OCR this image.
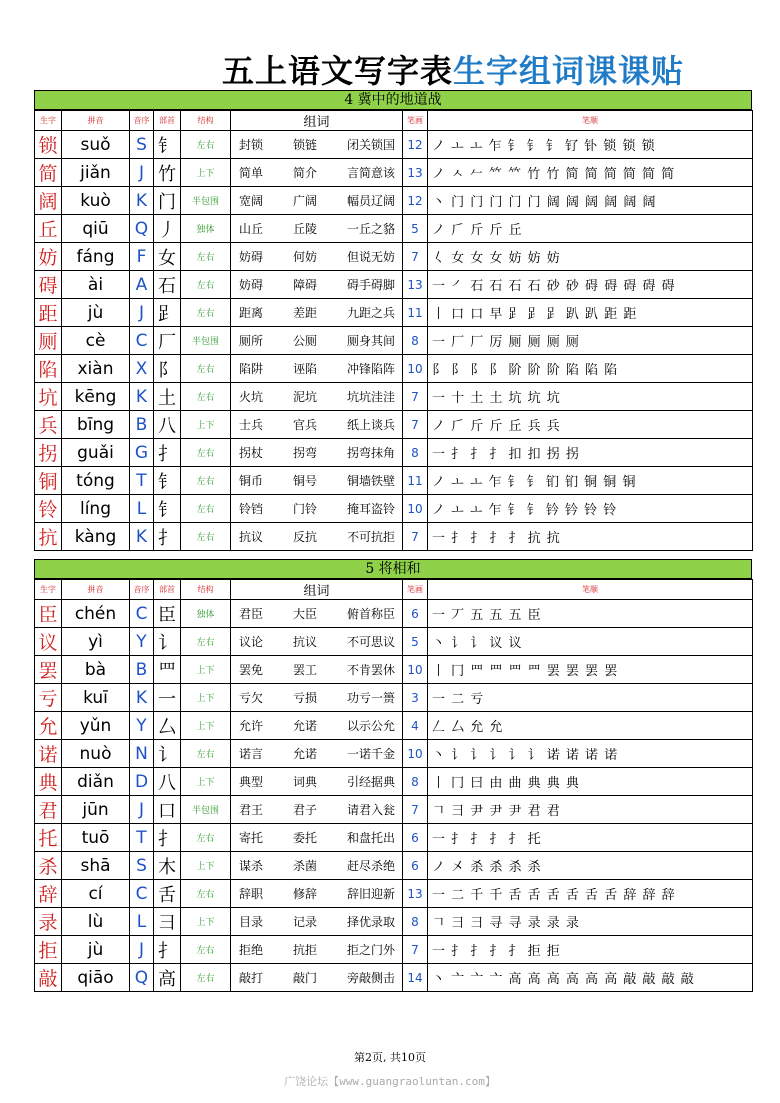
五上语文写字表生字组词课课贴
4 冀中的地道战
生字	拼音	音序	部首	结构	组词	笔画	笔顺
锁	suǒ	S	钅	左右	封锁 锁链 闭关锁国	12	ノ ㅗ ㅗ 乍 钅 钅 钅 钌 钋 锁 锁 锁
简	jiǎn	J	竹	上下	简单 简介 言简意该	13	ノ ㅅ 𠂉 𥫗 𥫗 竹 竹 简 简 简 简 简 简
阔	kuò	K	门	半包围	宽阔 广阔 幅员辽阔	12	丶 门 门 门 门 门 阔 阔 阔 阔 阔 阔
丘	qiū	Q	丿	独体	山丘 丘陵 一丘之貉	5	ノ 𠂆 斤 斤 丘
妨	fáng	F	女	左右	妨碍 何妨 但说无妨	7	𡿨 女 女 女 妨 妨 妨
碍	ài	A	石	左右	妨碍 障碍 碍手碍脚	13	一 ㇒ 石 石 石 石 砂 砂 碍 碍 碍 碍 碍
距	jù	J	𧾷	左右	距离 差距 九距之兵	11	丨 口 口 早 𧾷 𧾷 𧾷 趴 趴 距 距
厕	cè	C	厂	半包围	厕所 公厕 厕身其间	8	一 厂 厂 厉 厕 厕 厕 厕
陷	xiàn	X	阝	左右	陷阱 诬陷 冲锋陷阵	10	阝 阝 阝 阝 阶 阶 阶 陷 陷 陷
坑	kēng	K	土	左右	火坑 泥坑 坑坑洼洼	7	一 十 土 土 坑 坑 坑
兵	bīng	B	八	上下	士兵 官兵 纸上谈兵	7	ノ 𠂆 斤 斤 丘 兵 兵
拐	guǎi	G	扌	左右	拐杖 拐弯 拐弯抹角	8	一 扌 扌 扌 扣 扣 拐 拐
铜	tóng	T	钅	左右	铜币 铜号 铜墙铁壁	11	ノ ㅗ ㅗ 乍 钅 钅 钔 钔 铜 铜 铜
铃	líng	L	钅	左右	铃铛 门铃 掩耳盗铃	10	ノ ㅗ ㅗ 乍 钅 钅 钤 钤 铃 铃
抗	kàng	K	扌	左右	抗议 反抗 不可抗拒	7	一 扌 扌 扌 扌 抗 抗
5 将相和
生字	拼音	音序	部首	结构	组词	笔画	笔顺
臣	chén	C	臣	独体	君臣 大臣 俯首称臣	6	一 丆 五 五 五 臣
议	yì	Y	讠	左右	议论 抗议 不可思议	5	丶 讠 讠 议 议
罢	bà	B	罒	上下	罢免 罢工 不肯罢休	10	丨 冂 罒 罒 罒 罒 罢 罢 罢 罢
亏	kuī	K	一	上下	亏欠 亏损 功亏一篑	3	一 二 亏
允	yǔn	Y	厶	上下	允许 允诺 以示公允	4	𠃋 厶 允 允
诺	nuò	N	讠	左右	诺言 允诺 一诺千金	10	丶 讠 讠 讠 讠 讠 诺 诺 诺 诺
典	diǎn	D	八	上下	典型 词典 引经据典	8	丨 冂 曰 由 曲 典 典 典
君	jūn	J	口	半包围	君王 君子 请君入瓮	7	𠃍 ⺕ 尹 尹 尹 君 君
托	tuō	T	扌	左右	寄托 委托 和盘托出	6	一 扌 扌 扌 扌 托
杀	shā	S	木	上下	谋杀 杀菌 赶尽杀绝	6	ノ 㐅 杀 杀 杀 杀
辞	cí	C	舌	左右	辞职 修辞 辞旧迎新	13	一 二 千 千 舌 舌 舌 舌 舌 舌 辞 辞 辞
录	lù	L	彐	上下	目录 记录 择优录取	8	𠃍 ⺕ 彐 寻 寻 录 录 录
拒	jù	J	扌	左右	拒绝 抗拒 拒之门外	7	一 扌 扌 扌 扌 拒 拒
敲	qiāo	Q	高	左右	敲打 敲门 旁敲侧击	14	丶 亠 亠 亠 高 高 高 高 高 高 敲 敲 敲 敲
第2页, 共10页
广饶论坛【www.guangraoluntan.com】
